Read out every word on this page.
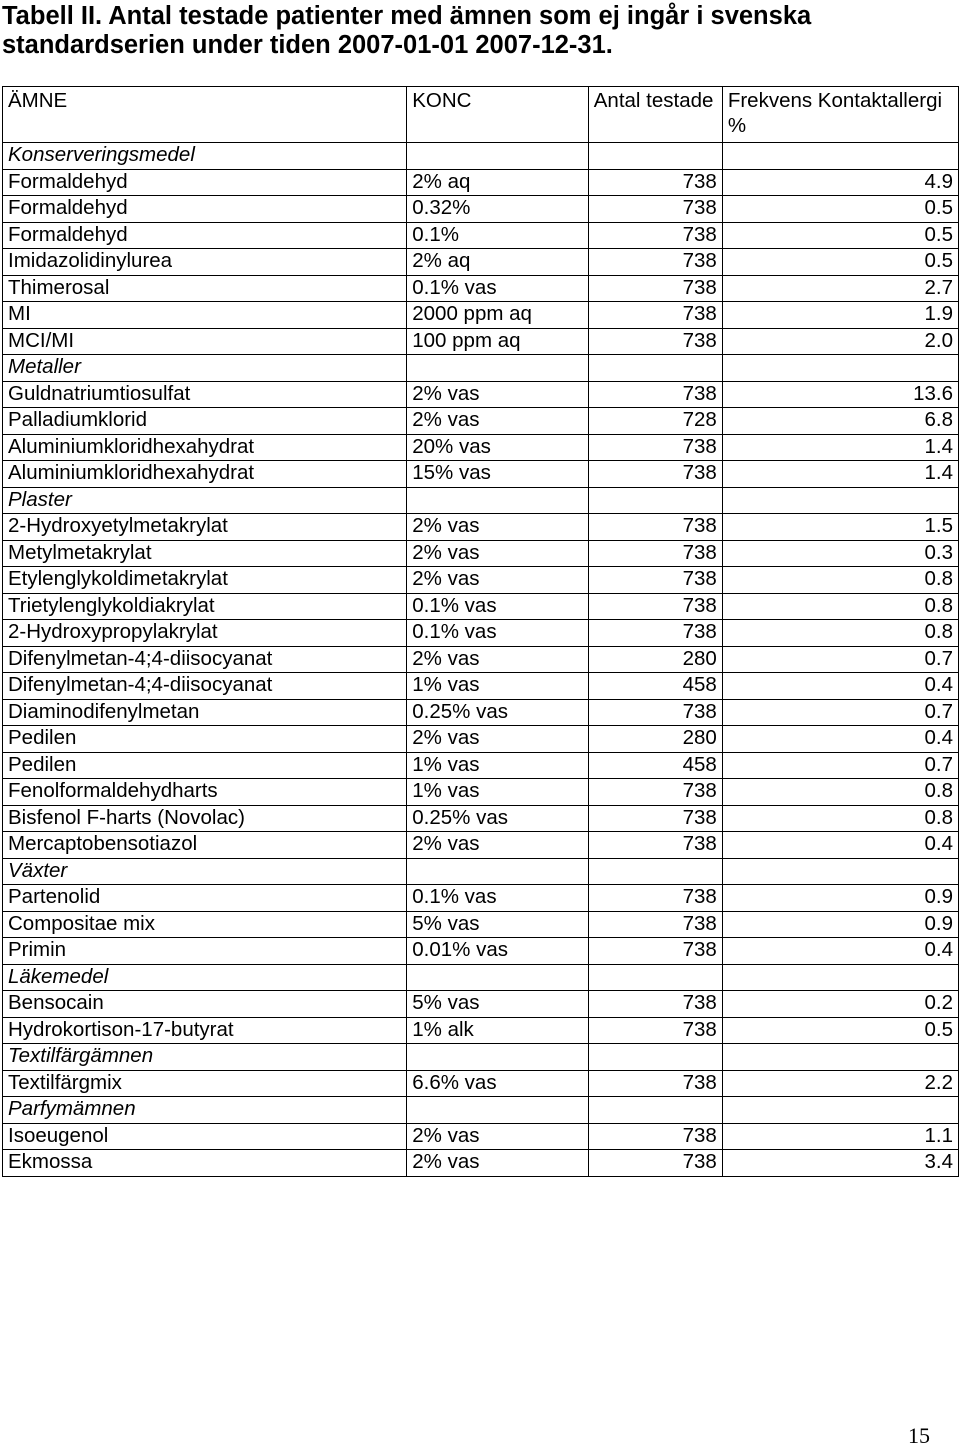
Tabell II. Antal testade patienter med ämnen som ej ingår i svenska
standardserien under tiden 2007-01-01 2007-12-31.
ÄMNE	KONC	Antal testade	Frekvens Kontaktallergi %
Konserveringsmedel			
Formaldehyd	2% aq	738	4.9
Formaldehyd	0.32%	738	0.5
Formaldehyd	0.1%	738	0.5
Imidazolidinylurea	2% aq	738	0.5
Thimerosal	0.1% vas	738	2.7
MI	2000 ppm aq	738	1.9
MCI/MI	100 ppm aq	738	2.0
Metaller			
Guldnatriumtiosulfat	2% vas	738	13.6
Palladiumklorid	2% vas	728	6.8
Aluminiumkloridhexahydrat	20% vas	738	1.4
Aluminiumkloridhexahydrat	15% vas	738	1.4
Plaster			
2-Hydroxyetylmetakrylat	2% vas	738	1.5
Metylmetakrylat	2% vas	738	0.3
Etylenglykoldimetakrylat	2% vas	738	0.8
Trietylenglykoldiakrylat	0.1% vas	738	0.8
2-Hydroxypropylakrylat	0.1% vas	738	0.8
Difenylmetan-4;4-diisocyanat	2% vas	280	0.7
Difenylmetan-4;4-diisocyanat	1% vas	458	0.4
Diaminodifenylmetan	0.25% vas	738	0.7
Pedilen	2% vas	280	0.4
Pedilen	1% vas	458	0.7
Fenolformaldehydharts	1% vas	738	0.8
Bisfenol F-harts (Novolac)	0.25% vas	738	0.8
Mercaptobensotiazol	2% vas	738	0.4
Växter			
Partenolid	0.1% vas	738	0.9
Compositae mix	5% vas	738	0.9
Primin	0.01% vas	738	0.4
Läkemedel			
Bensocain	5% vas	738	0.2
Hydrokortison-17-butyrat	1% alk	738	0.5
Textilfärgämnen			
Textilfärgmix	6.6% vas	738	2.2
Parfymämnen			
Isoeugenol	2% vas	738	1.1
Ekmossa	2% vas	738	3.4
15
